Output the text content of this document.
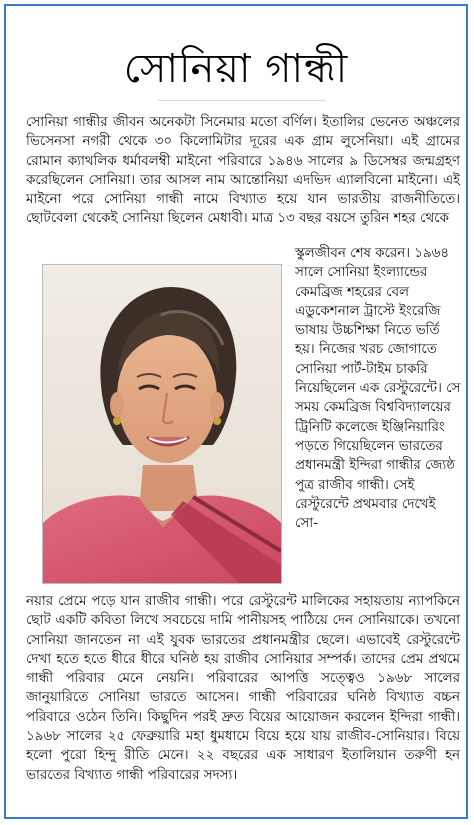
সোনিয়া গান্ধী

সোনিয়া গান্ধীর জীবন অনেকটা সিনেমার মতো বর্ণিল। ইতালির ভেনেত অঞ্চলের ভিসেনসা নগরী থেকে ৩০ কিলোমিটার দূরের এক গ্রাম লুসেনিয়া। এই গ্রামের রোমান ক্যাথলিক ধর্মাবলম্বী মাইনো পরিবারে ১৯৪৬ সালের ৯ ডিসেম্বর জন্মগ্রহণ করেছিলেন সোনিয়া। তার আসল নাম আন্তোনিয়া এদভিদ এ্যালবিনো মাইনো। এই মাইনো পরে সোনিয়া গান্ধী নামে বিখ্যাত হয়ে যান ভারতীয় রাজনীতিতে। ছোটবেলা থেকেই সোনিয়া ছিলেন মেধাবী। মাত্র ১৩ বছর বয়সে তুরিন শহর থেকে

স্কুলজীবন শেষ করেন। ১৯৬৪ সালে সোনিয়া ইংল্যান্ডের কেমব্রিজ শহরের বেল এডুকেশনাল ট্রাস্টে ইংরেজি ভাষায় উচ্চশিক্ষা নিতে ভর্তি হয়। নিজের খরচ জোগাতে সোনিয়া পার্ট-টাইম চাকরি নিয়েছিলেন এক রেস্টুরেন্টে। সে সময় কেমব্রিজ বিশ্ববিদ্যালয়ের ট্রিনিটি কলেজে ইঞ্জিনিয়ারিং পড়তে গিয়েছিলেন ভারতের প্রধানমন্ত্রী ইন্দিরা গান্ধীর জ্যেষ্ঠ পুত্র রাজীব গান্ধী। সেই রেস্টুরেন্টে প্রথমবার দেখেই সো-

নয়ার প্রেমে পড়ে যান রাজীব গান্ধী। পরে রেস্টুরেন্ট মালিকের সহায়তায় ন্যাপকিনে ছোট একটি কবিতা লিখে সবচেয়ে দামি পানীয়সহ পাঠিয়ে দেন সোনিয়াকে। তখনো সোনিয়া জানতেন না এই যুবক ভারতের প্রধানমন্ত্রীর ছেলে। এভাবেই রেস্টুরেন্টে দেখা হতে হতে ধীরে ধীরে ঘনিষ্ঠ হয় রাজীব সোনিয়ার সম্পর্ক। তাদের প্রেম প্রথমে গান্ধী পরিবার মেনে নেয়নি। পরিবারের আপত্তি সত্ত্বেও ১৯৬৮ সালের জানুয়ারিতে সোনিয়া ভারতে আসেন। গান্ধী পরিবারের ঘনিষ্ঠ বিখ্যাত বচ্চন পরিবারে ওঠেন তিনি। কিছুদিন পরই দ্রুত বিয়ের আয়োজন করলেন ইন্দিরা গান্ধী। ১৯৬৮ সালের ২৫ ফেব্রুয়ারি মহা ধুমধামে বিয়ে হয়ে যায় রাজীব-সোনিয়ার। বিয়ে হলো পুরো হিন্দু রীতি মেনে। ২২ বছরের এক সাধারণ ইতালিয়ান তরুণী হন ভারতের বিখ্যাত গান্ধী পরিবারের সদস্য।
